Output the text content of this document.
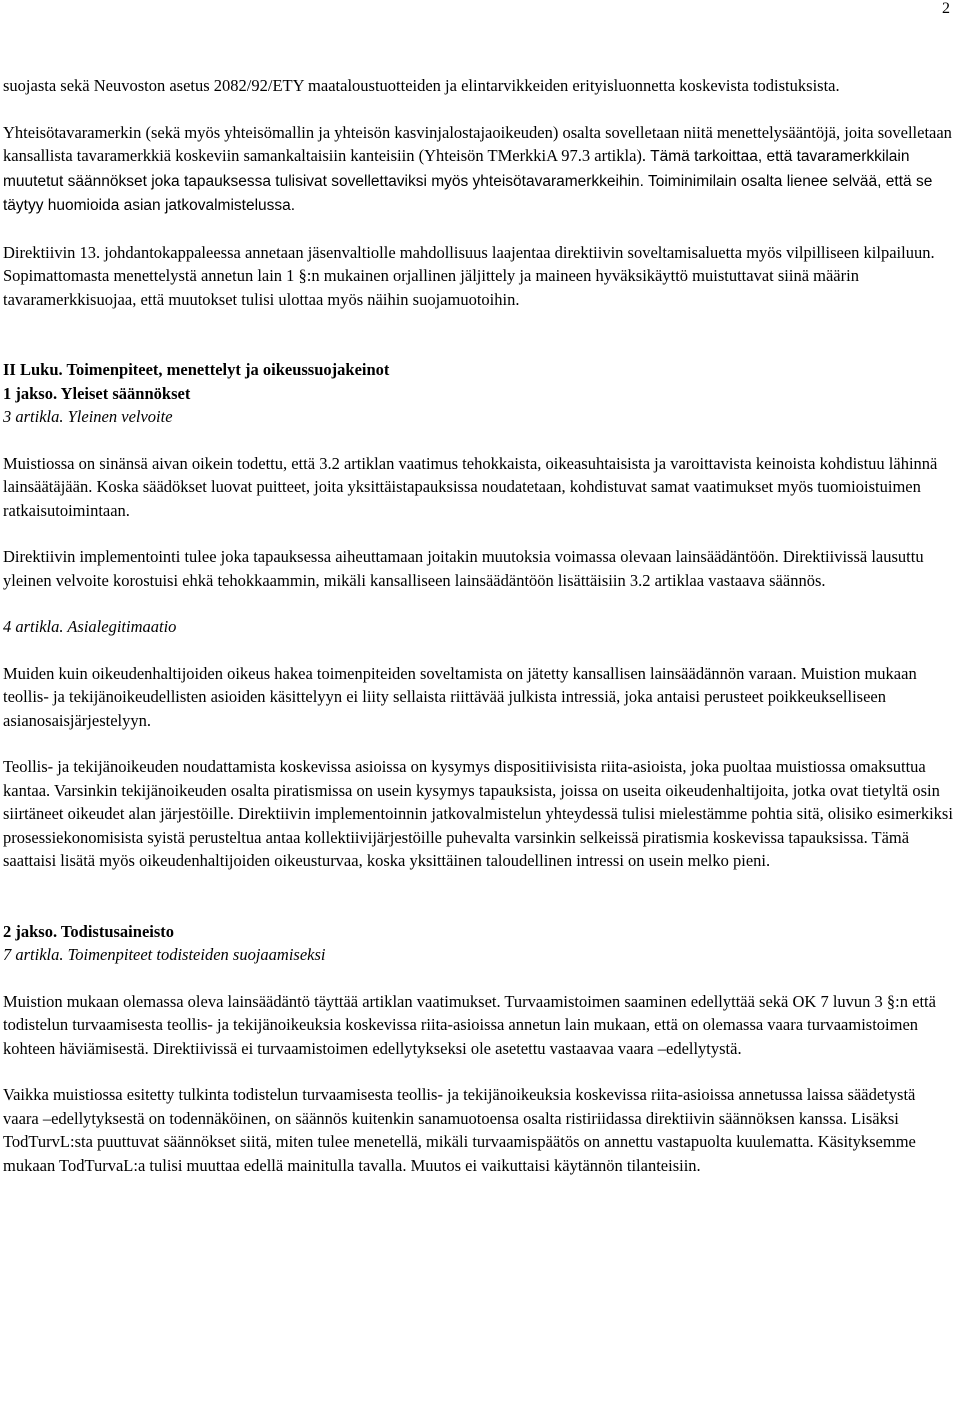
2

suojasta sekä Neuvoston asetus 2082/92/ETY maataloustuotteiden ja elintarvikkeiden erityisluonnetta koskevista todistuksista.

Yhteisötavaramerkin (sekä myös yhteisömallin ja yhteisön kasvinjalostajaoikeuden) osalta sovelletaan niitä menettelysääntöjä, joita sovelletaan kansallista tavaramerkkiä koskeviin samankaltaisiin kanteisiin (Yhteisön TMerkkiA 97.3 artikla). Tämä tarkoittaa, että tavaramerkkilain muutetut säännökset joka tapauksessa tulisivat sovellettaviksi myös yhteisötavaramerkkeihin. Toiminimilain osalta lienee selvää, että se täytyy huomioida asian jatkovalmistelussa.

Direktiivin 13. johdantokappaleessa annetaan jäsenvaltiolle mahdollisuus laajentaa direktiivin soveltamisaluetta myös vilpilliseen kilpailuun. Sopimattomasta menettelystä annetun lain 1 §:n mukainen orjallinen jäljittely ja maineen hyväksikäyttö muistuttavat siinä määrin tavaramerkkisuojaa, että muutokset tulisi ulottaa myös näihin suojamuotoihin.

II Luku. Toimenpiteet, menettelyt ja oikeussuojakeinot

1 jakso. Yleiset säännökset

3 artikla. Yleinen velvoite

Muistiossa on sinänsä aivan oikein todettu, että 3.2 artiklan vaatimus tehokkaista, oikeasuhtaisista ja varoittavista keinoista kohdistuu lähinnä lainsäätäjään. Koska säädökset luovat puitteet, joita yksittäistapauksissa noudatetaan, kohdistuvat samat vaatimukset myös tuomioistuimen ratkaisutoimintaan.

Direktiivin implementointi tulee joka tapauksessa aiheuttamaan joitakin muutoksia voimassa olevaan lainsäädäntöön. Direktiivissä lausuttu yleinen velvoite korostuisi ehkä tehokkaammin, mikäli kansalliseen lainsäädäntöön lisättäisiin 3.2 artiklaa vastaava säännös.

4 artikla. Asialegitimaatio

Muiden kuin oikeudenhaltijoiden oikeus hakea toimenpiteiden soveltamista on jätetty kansallisen lainsäädännön varaan. Muistion mukaan teollis- ja tekijänoikeudellisten asioiden käsittelyyn ei liity sellaista riittävää julkista intressiä, joka antaisi perusteet poikkeukselliseen asianosaisjärjestelyyn.

Teollis- ja tekijänoikeuden noudattamista koskevissa asioissa on kysymys dispositiivisista riita-asioista, joka puoltaa muistiossa omaksuttua kantaa. Varsinkin tekijänoikeuden osalta piratismissa on usein kysymys tapauksista, joissa on useita oikeudenhaltijoita, jotka ovat tietyltä osin siirtäneet oikeudet alan järjestöille. Direktiivin implementoinnin jatkovalmistelun yhteydessä tulisi mielestämme pohtia sitä, olisiko esimerkiksi prosessiekonomisista syistä perusteltua antaa kollektiivijärjestöille puhevalta varsinkin selkeissä piratismia koskevissa tapauksissa. Tämä saattaisi lisätä myös oikeudenhaltijoiden oikeusturvaa, koska yksittäinen taloudellinen intressi on usein melko pieni.

2 jakso. Todistusaineisto

7 artikla. Toimenpiteet todisteiden suojaamiseksi

Muistion mukaan olemassa oleva lainsäädäntö täyttää artiklan vaatimukset. Turvaamistoimen saaminen edellyttää sekä OK 7 luvun 3 §:n että todistelun turvaamisesta teollis- ja tekijänoikeuksia koskevissa riita-asioissa annetun lain mukaan, että on olemassa vaara turvaamistoimen kohteen häviämisestä. Direktiivissä ei turvaamistoimen edellytykseksi ole asetettu vastaavaa vaara –edellytystä.

Vaikka muistiossa esitetty tulkinta todistelun turvaamisesta teollis- ja tekijänoikeuksia koskevissa riita-asioissa annetussa laissa säädetystä vaara –edellytyksestä on todennäköinen, on säännös kuitenkin sanamuotoensa osalta ristiriidassa direktiivin säännöksen kanssa. Lisäksi TodTurvL:sta puuttuvat säännökset siitä, miten tulee menetellä, mikäli turvaamispäätös on annettu vastapuolta kuulematta. Käsityksemme mukaan TodTurvaL:a tulisi muuttaa edellä mainitulla tavalla. Muutos ei vaikuttaisi käytännön tilanteisiin.
